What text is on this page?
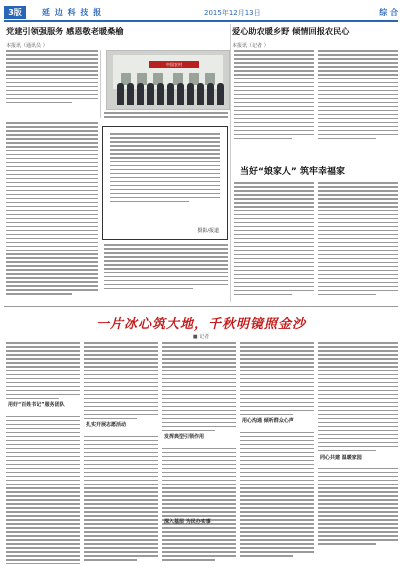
3版	延 边 科 技 报	2015年12月13日	综 合
党建引领强服务 感恩敬老暖桑榆
本报讯（通讯员 ）
爱心助农暖乡野 倾情回报农民心
本报讯（记者 ）
中国农村
摄影/报道
当好“娘家人” 筑牢幸福家
一片冰心筑大地，千秋明镜照金沙
■ 记者
用好“百姓书记”服务团队
扎实开展志愿活动
发挥典型引领作用
用心沟通 倾听群众心声
同心共建 温暖家园
深入基层 为民办实事
